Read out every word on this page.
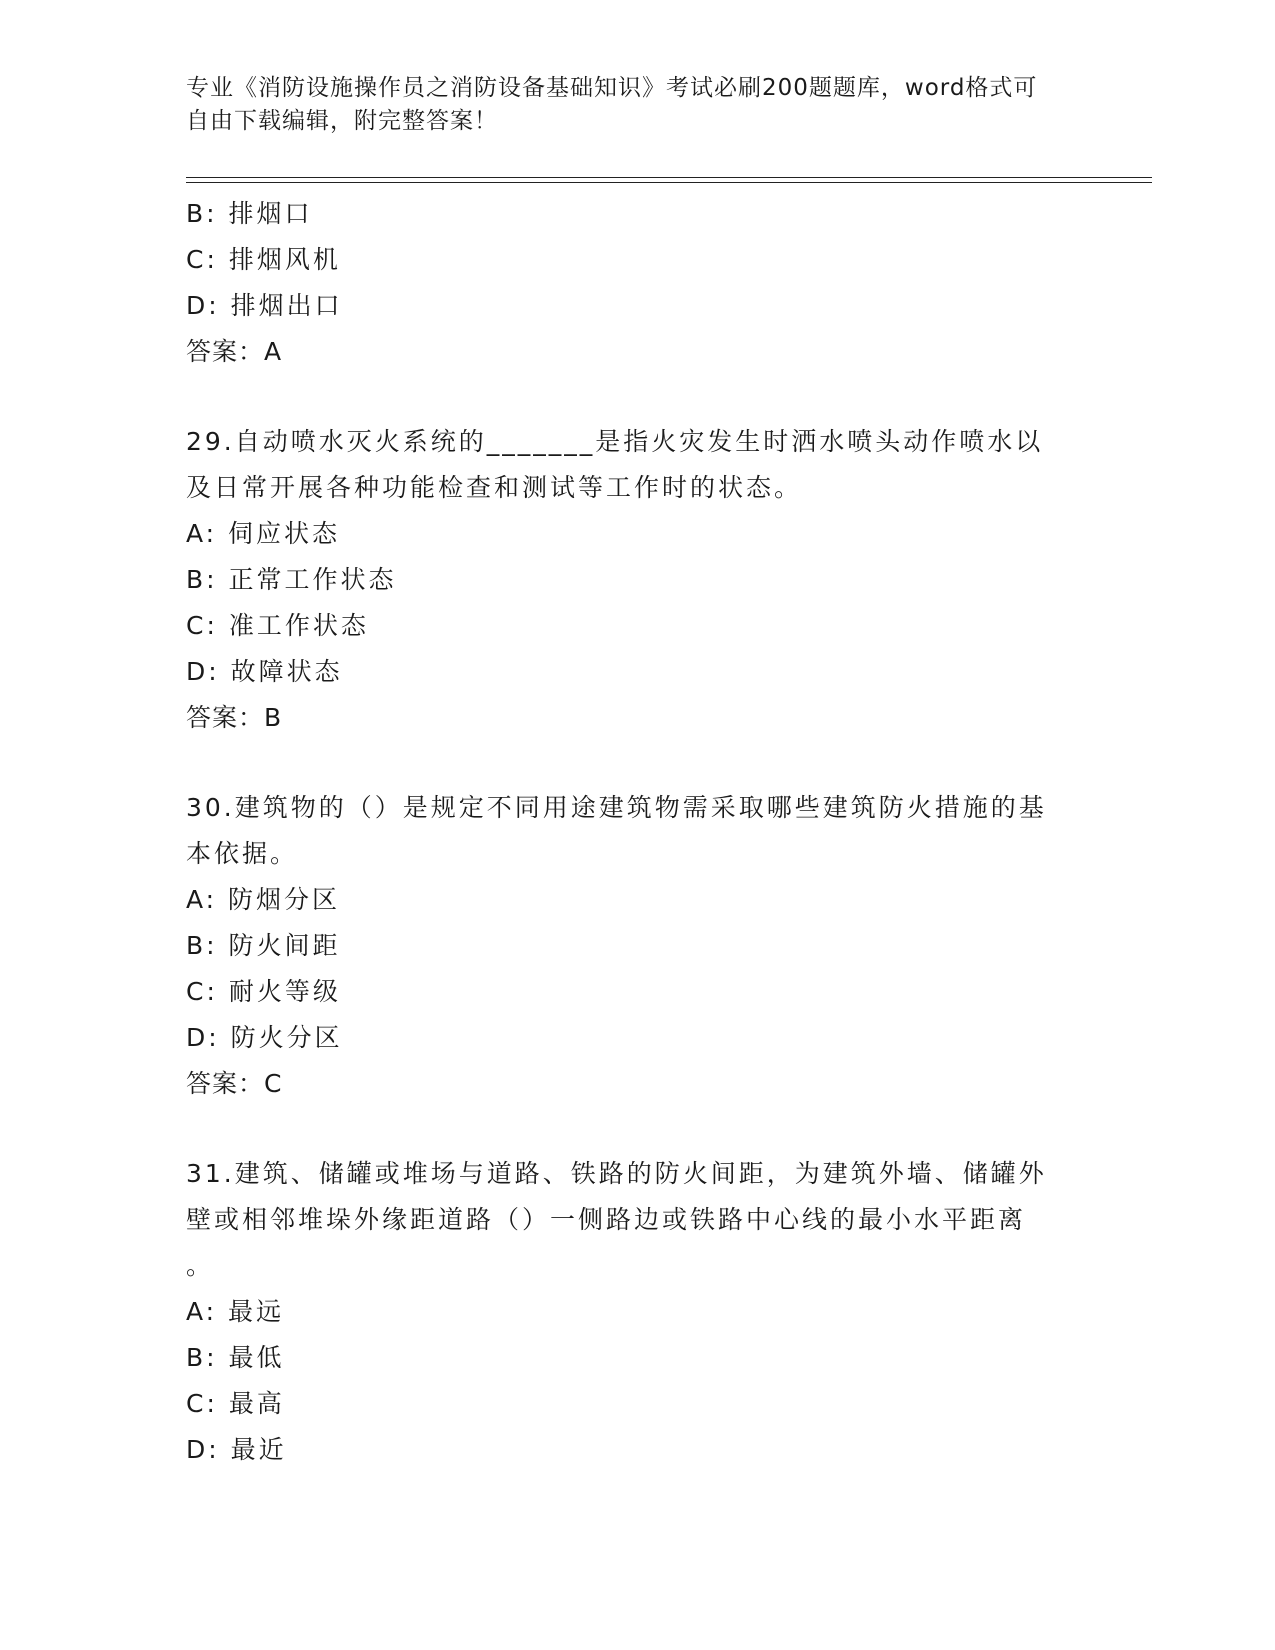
专业《消防设施操作员之消防设备基础知识》考试必刷200题题库，word格式可
自由下载编辑，附完整答案！
B: 排烟口
C: 排烟风机
D: 排烟出口
答案：A
29.自动喷水灭火系统的_______是指火灾发生时洒水喷头动作喷水以
及日常开展各种功能检查和测试等工作时的状态。
A: 伺应状态
B: 正常工作状态
C: 准工作状态
D: 故障状态
答案：B
30.建筑物的（）是规定不同用途建筑物需采取哪些建筑防火措施的基
本依据。
A: 防烟分区
B: 防火间距
C: 耐火等级
D: 防火分区
答案：C
31.建筑、储罐或堆场与道路、铁路的防火间距，为建筑外墙、储罐外
壁或相邻堆垛外缘距道路（）一侧路边或铁路中心线的最小水平距离
。
A: 最远
B: 最低
C: 最高
D: 最近
